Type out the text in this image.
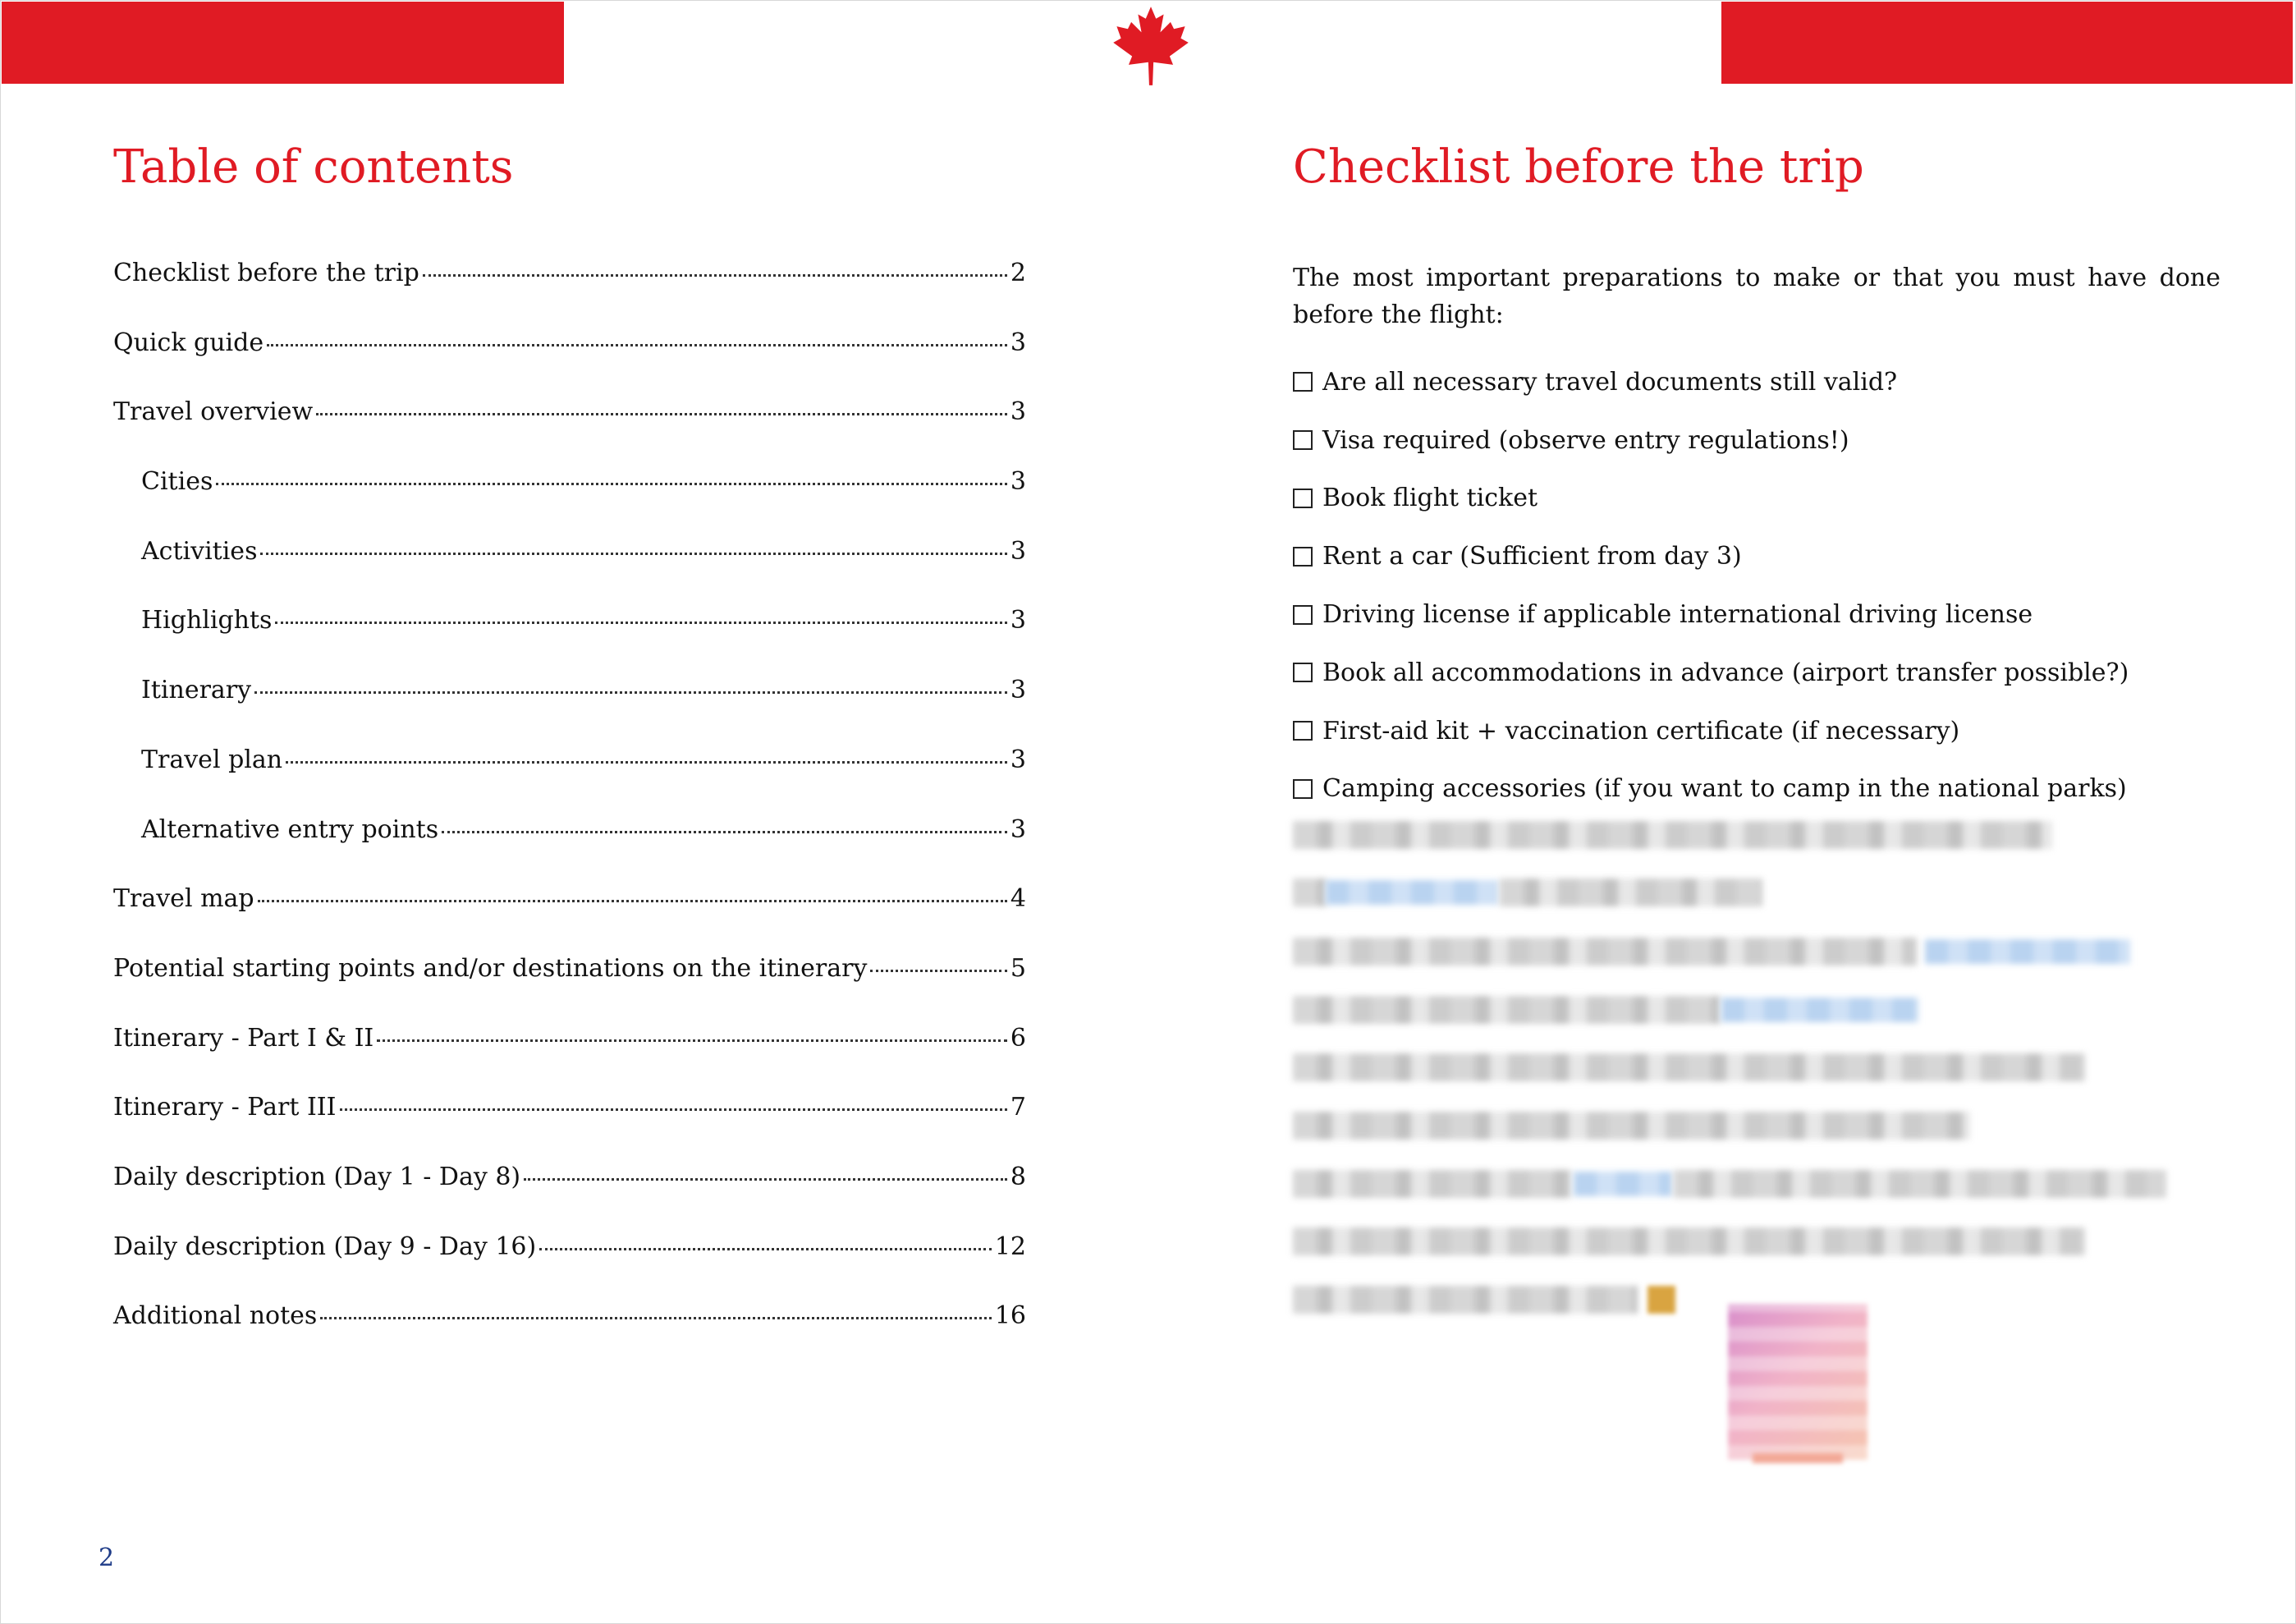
Table of contents
Checklist before the trip	2
Quick guide	3
Travel overview	3
Cities	3
Activities	3
Highlights	3
Itinerary	3
Travel plan	3
Alternative entry points	3
Travel map	4
Potential starting points and/or destinations on the itinerary	5
Itinerary - Part I & II	6
Itinerary - Part III	7
Daily description (Day 1 - Day 8)	8
Daily description (Day 9 - Day 16)	12
Additional notes	16
2
Checklist before the trip

The most important preparations to make or that you must have done before the flight:

Are all necessary travel documents still valid?
Visa required (observe entry regulations!)
Book flight ticket
Rent a car (Sufficient from day 3)
Driving license if applicable international driving license
Book all accommodations in advance (airport transfer possible?)
First-aid kit + vaccination certificate (if necessary)
Camping accessories (if you want to camp in the national parks)
